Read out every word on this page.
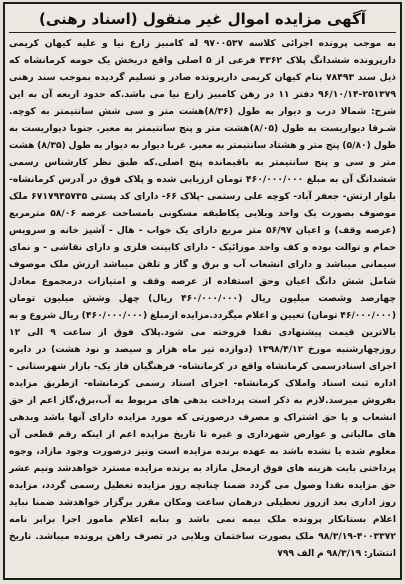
آگهی مزایده اموال غیر منقول (اسناد رهنی)
به موجب پرونده اجرائی کلاسه ۹۷۰۰۵۳۷ له کامبیز زارع نیا و علیه کیهان کریمی دارپرونده ششدانگ پلاک ۴۳۶۲ فرعی از ۵ اصلی واقع دربخش یک حومه کرمانشاه که ذیل سند ۷۸۴۹۳ بنام کیهان کریمی دارپرونده صادر و تسلیم گردیده بموجب سند رهنی ۲۵۱۳۷۹-۹۶/۱۰/۱۴ دفتر ۱۱ در رهن کامبیز زارع نیا می باشد.که حدود اربعه آن به این شرح: شمالا درب و دیوار به طول (۸/۳۶)هشت متر و سی شش سانتیمتر به کوچه. شـرقا دیواریست به طول (۸/۰۵)هشت متر و پنج سانتیمتر به معبر. جنوبا دیواریست به طول (۵/۸۰) پنج متر و هشتاد سانتیمتر به معبر. غربا دیوار به دیوار به طول (۸/۳۵) هشت متر و سی و پنج سانتیمتر به باقیمانده پنج اصلی.که طبق نظر کارشناس رسمی ششدانگ آن به مبلغ ۴۶۰/۰۰۰/۰۰۰ تومان ارزیابی شده و پلاک فوق در آدرس کرمانشاه- بلوار ارتش- جعفر آباد- کوچه علی رستمی -پلاک ۶۶- دارای کد پستی ۶۷۱۷۹۴۵۷۳۵ ملک موصوف بصورت یک واحد ویلایی یکاطبقه مسکونی بامساحت عرصه ۵۸/۰۶ مترمربع (عرصه وقف) و اعیان ۵۶/۹۷ متر مربع دارای یک خواب - هال - آشپز خانه و سرویس حمام و توالت بوده و کف واحد موزائیک - دارای کابینت فلزی و دارای نقاشی - و نمای سیمانی میباشد و دارای انشعاب آب و برق و گاز و تلفن میباشد ارزش ملک موصوف شامل شش دانگ اعیان وحق استفاده از عرصه وقف و امتیازات درمجموع معادل چهارصد وشصت میلیون ریال (۴۶۰/۰۰۰/۰۰۰ ریال) چهل وشش میلیون تومان (۴۶/۰۰۰/۰۰۰ تومان) تعیین و اعلام میگردد.مزایده ازمبلغ (۴۶۰/۰۰۰/۰۰۰) ریال شروع و به بالاترین قیمت پیشنهادی نقدا فروخته می شود.پلاک فوق از ساعت ۹ الی ۱۲ روزچهارشنبه مورخ ۱۳۹۸/۴/۱۲ (دوازده تیر ماه هزار و سیصد و نود هشت) در دایره اجرای اسنادرسمی کرمانشاه واقع در کرمانشاه- فرهنگیان فاز یک- بازار شهرستانی - اداره ثبت اسناد واملاک کرمانشاه- اجرای اسناد رسمی کرمانشاه- ازطریق مزایده بفروش میرسد.لازم به ذکر است پرداخت بدهی های مربوط به آب،برق،گاز اعم از حق انشعاب و یا حق اشتراک و مصرف درصورتی که مورد مزایده دارای آنها باشد وبدهی های مالیاتی و عوارض شهرداری و غیره تا تاریخ مزایده اعم از اینکه رقم قطعی آن معلوم شده یا نشده باشد به عهده برنده مزایده است ونیز درصورت وجود مازاد، وجوه پرداختی بابت هزینه های فوق ازمحل مازاد به برنده مزایده مسترد خواهدشد ونیم عشر حق مزایده نقدا وصول می گردد ضمنا چنانچه روز مزایده تعطیل رسمی گردد، مزایده روز اداری بعد ازروز تعطیلی درهمان ساعت ومکان مقرر برگزار خواهدشد ضمنا نباید اعلام بستانکار پرونده ملک بیمه نمی باشد و بنابه اعلام مامور اجرا برابر نامه ۴۰۰۳۳۷۲-۹۸/۳/۱۹ ملک بصورت ساختمان ویلایی در تصرف راهن پرونده میباشد. تاریخ انتشار: ۹۸/۳/۱۹ م الف ۷۹۹
